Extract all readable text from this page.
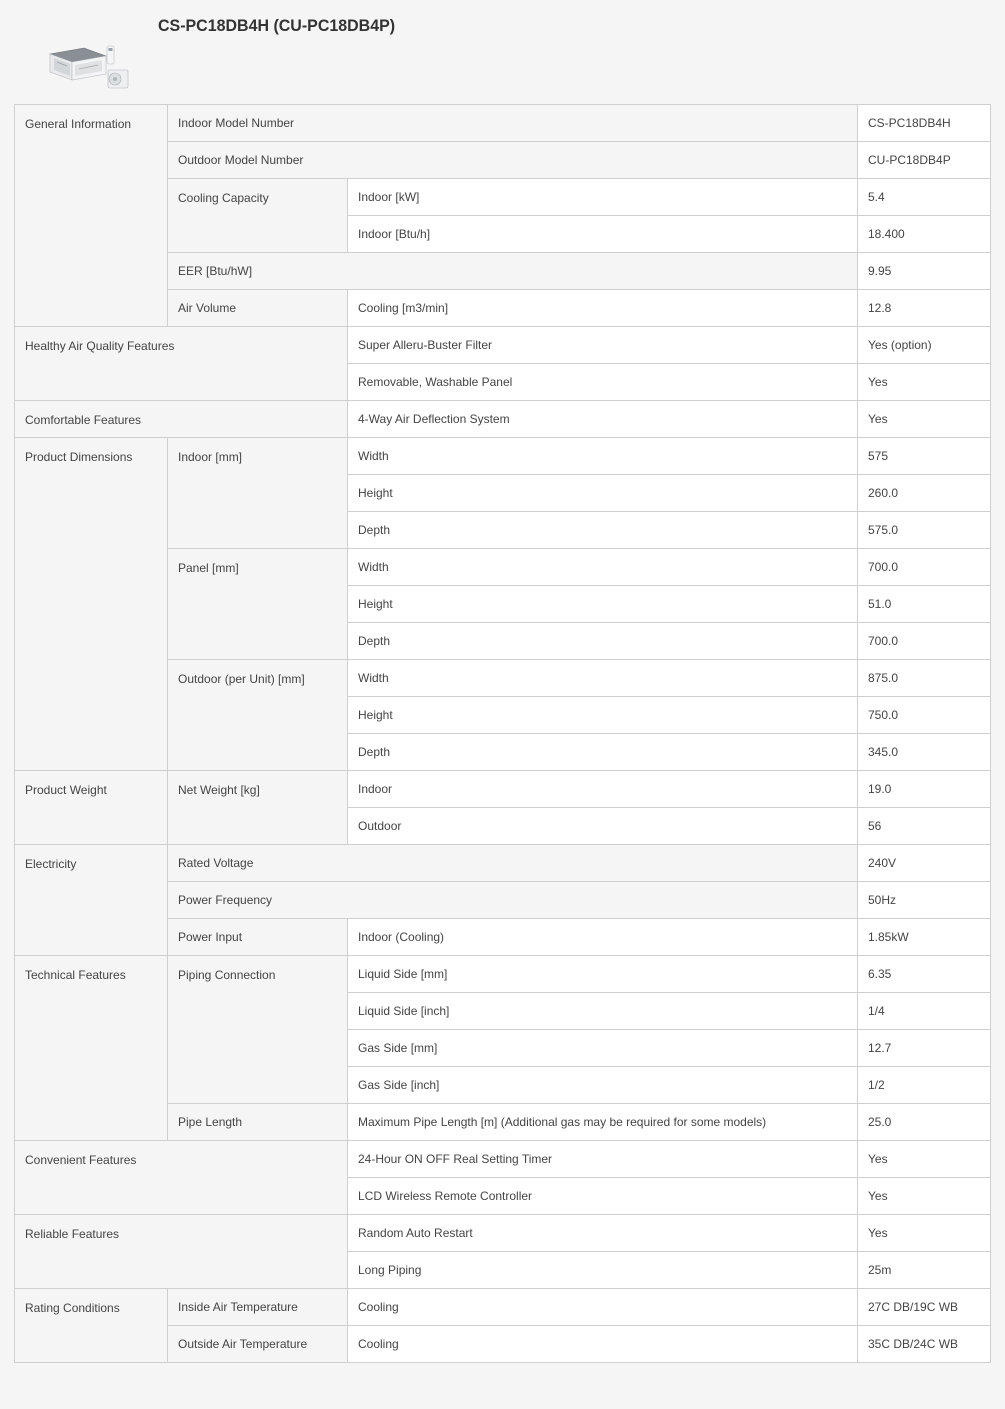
CS-PC18DB4H (CU-PC18DB4P)
General Information	Indoor Model Number		CS-PC18DB4H
	Outdoor Model Number		CU-PC18DB4P
	Cooling Capacity	Indoor [kW]	5.4
		Indoor [Btu/h]	18.400
	EER [Btu/hW]		9.95
	Air Volume	Cooling [m3/min]	12.8
Healthy Air Quality Features		Super Alleru-Buster Filter	Yes (option)
		Removable, Washable Panel	Yes
Comfortable Features		4-Way Air Deflection System	Yes
Product Dimensions	Indoor [mm]	Width	575
		Height	260.0
		Depth	575.0
	Panel [mm]	Width	700.0
		Height	51.0
		Depth	700.0
	Outdoor (per Unit) [mm]	Width	875.0
		Height	750.0
		Depth	345.0
Product Weight	Net Weight [kg]	Indoor	19.0
		Outdoor	56
Electricity	Rated Voltage		240V
	Power Frequency		50Hz
	Power Input	Indoor (Cooling)	1.85kW
Technical Features	Piping Connection	Liquid Side [mm]	6.35
		Liquid Side [inch]	1/4
		Gas Side [mm]	12.7
		Gas Side [inch]	1/2
	Pipe Length	Maximum Pipe Length [m] (Additional gas may be required for some models)	25.0
Convenient Features		24-Hour ON OFF Real Setting Timer	Yes
		LCD Wireless Remote Controller	Yes
Reliable Features		Random Auto Restart	Yes
		Long Piping	25m
Rating Conditions	Inside Air Temperature	Cooling	27C DB/19C WB
	Outside Air Temperature	Cooling	35C DB/24C WB
